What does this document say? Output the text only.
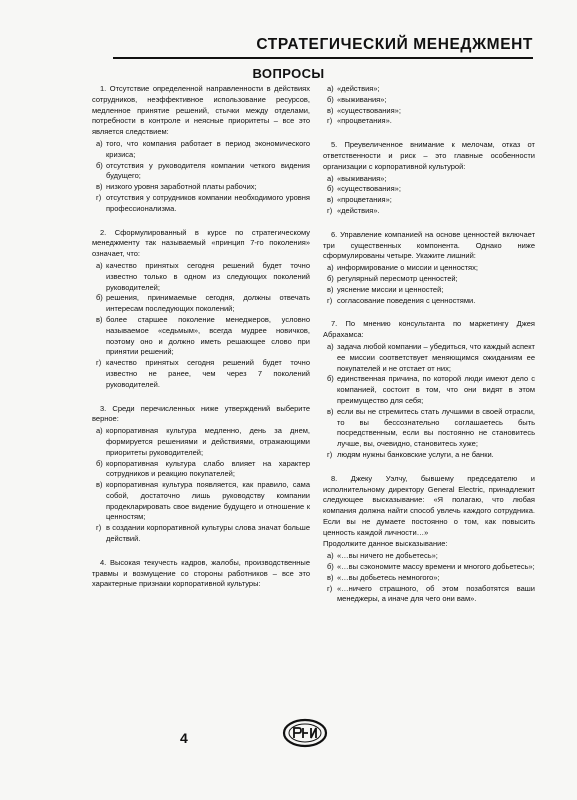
СТРАТЕГИЧЕСКИЙ МЕНЕДЖМЕНТ
ВОПРОСЫ

1. Отсутствие определенной направленности в действиях сотрудников, неэффективное использование ресурсов, медленное принятие решений, стычки между отделами, потребности в контроле и неясные приоритеты – все это является следствием:

а) того, что компания работает в период экономического кризиса;
б) отсутствия у руководителя компании четкого видения будущего;
в) низкого уровня заработной платы рабочих;
г) отсутствия у сотрудников компании необходимого уровня профессионализма.

2. Сформулированный в курсе по стратегическому менеджменту так называемый «принцип 7-го поколения» означает, что:

а) качество принятых сегодня решений будет точно известно только в одном из следующих поколений руководителей;
б) решения, принимаемые сегодня, должны отвечать интересам последующих поколений;
в) более старшее поколение менеджеров, условно называемое «седьмым», всегда мудрее новичков, поэтому оно и должно иметь решающее слово при принятии решений;
г) качество принятых сегодня решений будет точно известно не ранее, чем через 7 поколений руководителей.

3. Среди перечисленных ниже утверждений выберите верное:

а) корпоративная культура медленно, день за днем, формируется решениями и действиями, отражающими приоритеты руководителей;
б) корпоративная культура слабо влияет на характер сотрудников и реакцию покупателей;
в) корпоративная культура появляется, как правило, сама собой, достаточно лишь руководству компании продекларировать свое видение будущего и отношение к ценностям;
г) в создании корпоративной культуры слова значат больше действий.

4. Высокая текучесть кадров, жалобы, производственные травмы и возмущение со стороны работников – все это характерные признаки корпоративной культуры:

а) «действия»;
б) «выживания»;
в) «существования»;
г) «процветания».

5. Преувеличенное внимание к мелочам, отказ от ответственности и риск – это главные особенности организации с корпоративной культурой:

а) «выживания»;
б) «существования»;
в) «процветания»;
г) «действия».

6. Управление компанией на основе ценностей включает три существенных компонента. Однако ниже сформулированы четыре. Укажите лишний:

а) информирование о миссии и ценностях;
б) регулярный пересмотр ценностей;
в) уяснение миссии и ценностей;
г) согласование поведения с ценностями.

7. По мнению консультанта по маркетингу Джея Абрахамса:

а) задача любой компании – убедиться, что каждый аспект ее миссии соответствует меняющимся ожиданиям ее покупателей и не отстает от них;
б) единственная причина, по которой люди имеют дело с компанией, состоит в том, что они видят в этом преимущество для себя;
в) если вы не стремитесь стать лучшими в своей отрасли, то вы бессознательно соглашаетесь быть посредственным, если вы постоянно не становитесь лучше, вы, очевидно, становитесь хуже;
г) людям нужны банковские услуги, а не банки.

8. Джеку Уэлчу, бывшему председателю и исполнительному директору General Electric, принадлежит следующее высказывание: «Я полагаю, что любая компания должна найти способ увлечь каждого сотрудника. Если вы не думаете постоянно о том, как повысить ценность каждой личности…»

Продолжите данное высказывание:

а) «…вы ничего не добьетесь»;
б) «…вы сэкономите массу времени и многого добьетесь»;
в) «…вы добьетесь немногого»;
г) «…ничего страшного, об этом позаботятся ваши менеджеры, а иначе для чего они вам».
4
